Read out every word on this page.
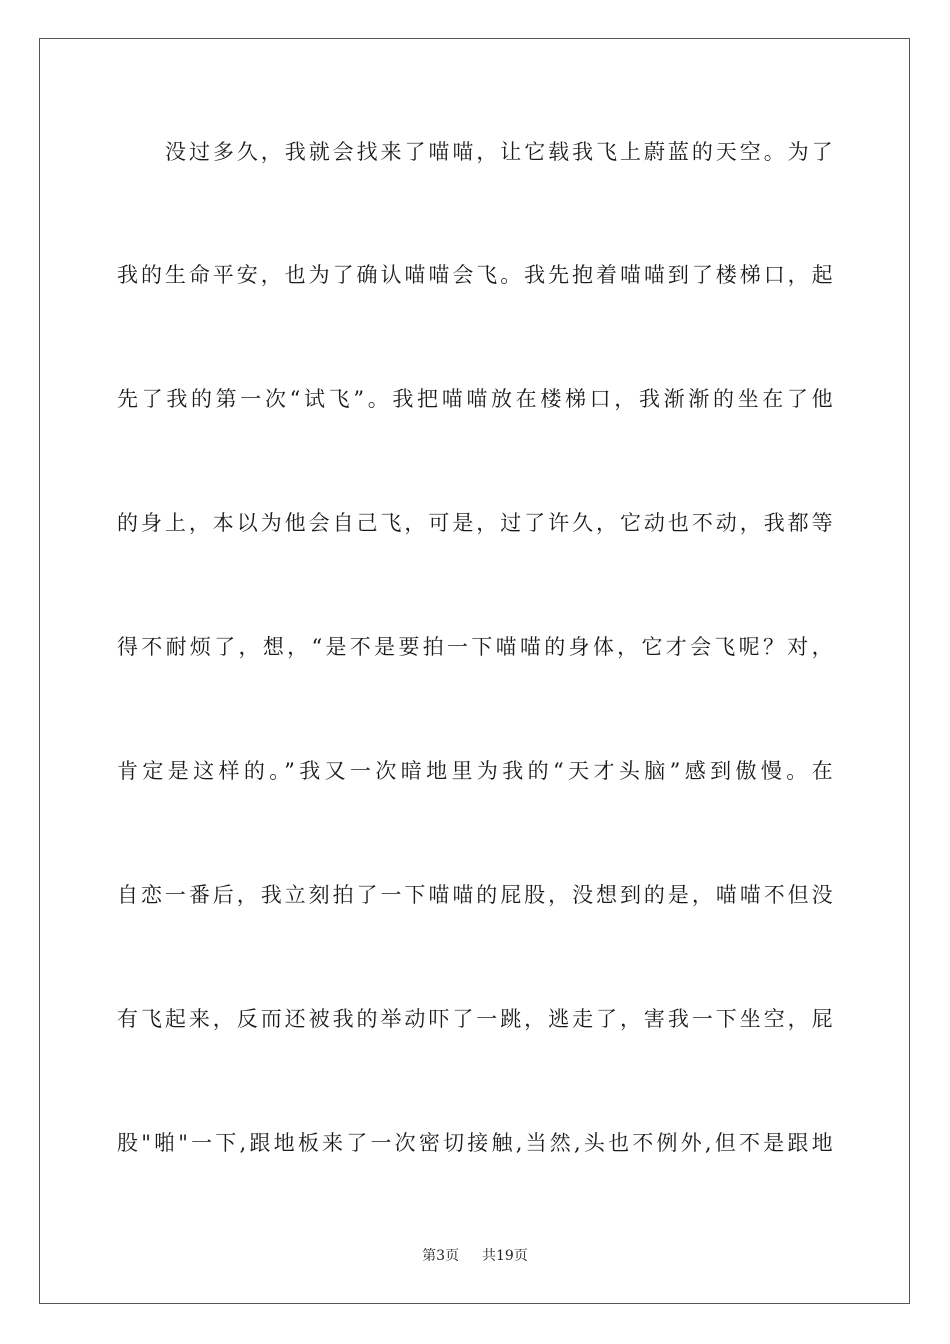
没过多久，我就会找来了喵喵，让它载我飞上蔚蓝的天空。为了
我的生命平安，也为了确认喵喵会飞。我先抱着喵喵到了楼梯口，起
先了我的第一次“试飞”。我把喵喵放在楼梯口，我渐渐的坐在了他
的身上，本以为他会自己飞，可是，过了许久，它动也不动，我都等
得不耐烦了，想，“是不是要拍一下喵喵的身体，它才会飞呢？对，
肯定是这样的。”我又一次暗地里为我的“天才头脑”感到傲慢。在
自恋一番后，我立刻拍了一下喵喵的屁股，没想到的是，喵喵不但没
有飞起来，反而还被我的举动吓了一跳，逃走了，害我一下坐空，屁
股"啪"一下,跟地板来了一次密切接触,当然,头也不例外,但不是跟地
第3页 共19页
